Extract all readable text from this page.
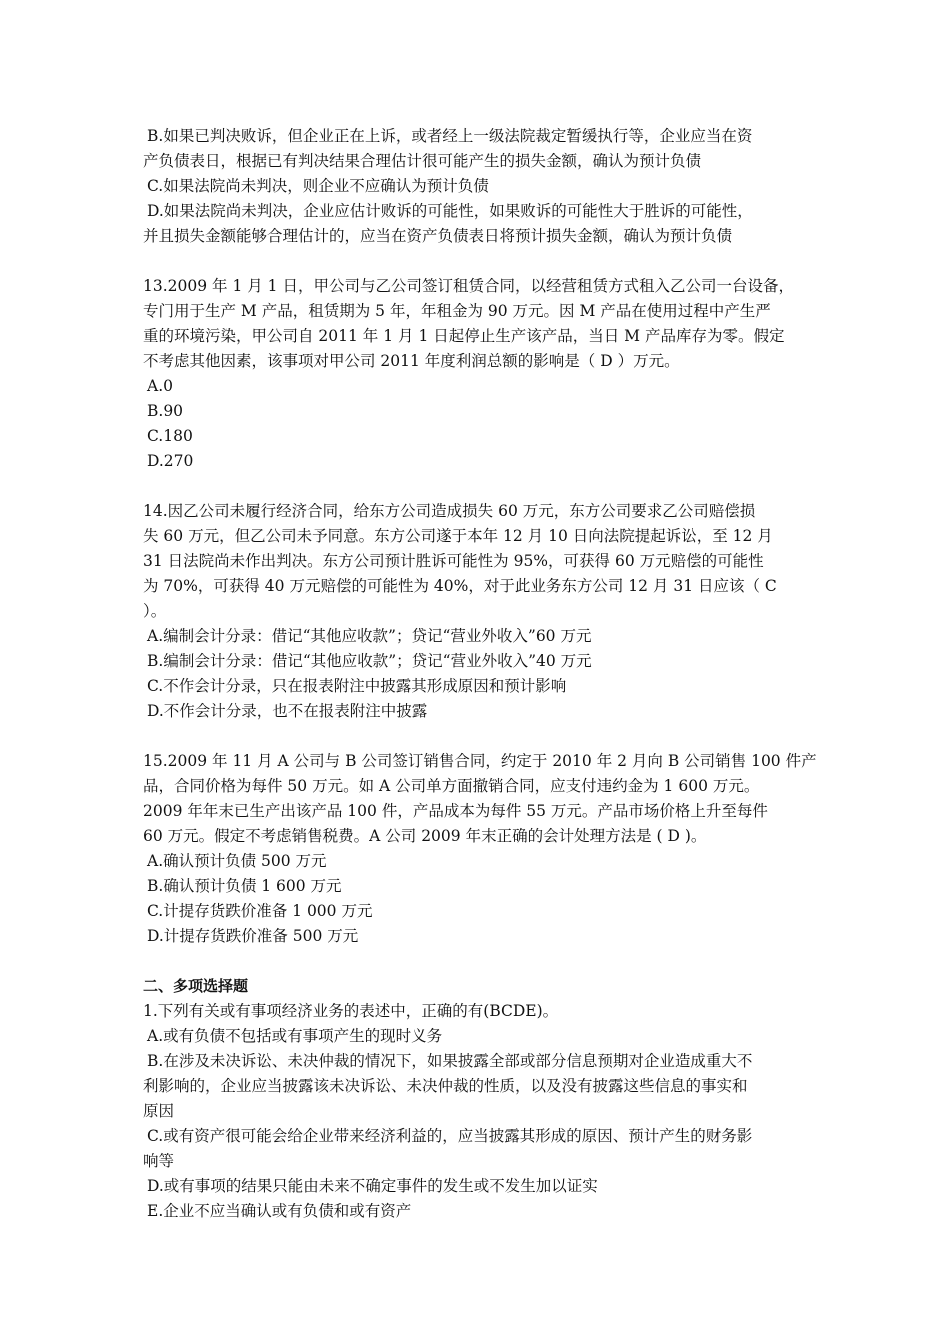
B.如果已判决败诉，但企业正在上诉，或者经上一级法院裁定暂缓执行等，企业应当在资
产负债表日，根据已有判决结果合理估计很可能产生的损失金额，确认为预计负债
C.如果法院尚未判决，则企业不应确认为预计负债
D.如果法院尚未判决，企业应估计败诉的可能性，如果败诉的可能性大于胜诉的可能性，
并且损失金额能够合理估计的，应当在资产负债表日将预计损失金额，确认为预计负债
13.2009 年 1 月 1 日，甲公司与乙公司签订租赁合同，以经营租赁方式租入乙公司一台设备，
专门用于生产 M 产品，租赁期为 5 年，年租金为 90 万元。因 M 产品在使用过程中产生严
重的环境污染，甲公司自 2011 年 1 月 1 日起停止生产该产品，当日 M 产品库存为零。假定
不考虑其他因素，该事项对甲公司 2011 年度利润总额的影响是（ D ）万元。
A.0
B.90
C.180
D.270
14.因乙公司未履行经济合同，给东方公司造成损失 60 万元，东方公司要求乙公司赔偿损
失 60 万元，但乙公司未予同意。东方公司遂于本年 12 月 10 日向法院提起诉讼，至 12 月
31 日法院尚未作出判决。东方公司预计胜诉可能性为 95%，可获得 60 万元赔偿的可能性
为 70%，可获得 40 万元赔偿的可能性为 40%，对于此业务东方公司 12 月 31 日应该（ C
）。
A.编制会计分录：借记“其他应收款”；贷记“营业外收入”60 万元
B.编制会计分录：借记“其他应收款”；贷记“营业外收入”40 万元
C.不作会计分录，只在报表附注中披露其形成原因和预计影响
D.不作会计分录，也不在报表附注中披露
15.2009 年 11 月 A 公司与 B 公司签订销售合同，约定于 2010 年 2 月向 B 公司销售 100 件产
品，合同价格为每件 50 万元。如 A 公司单方面撤销合同，应支付违约金为 1 600 万元。
2009 年年末已生产出该产品 100 件，产品成本为每件 55 万元。产品市场价格上升至每件
60 万元。假定不考虑销售税费。A 公司 2009 年末正确的会计处理方法是 ( D )。
A.确认预计负债 500 万元
B.确认预计负债 1 600 万元
C.计提存货跌价准备 1 000 万元
D.计提存货跌价准备 500 万元
二、多项选择题
1.下列有关或有事项经济业务的表述中，正确的有(BCDE)。
A.或有负债不包括或有事项产生的现时义务
B.在涉及未决诉讼、未决仲裁的情况下，如果披露全部或部分信息预期对企业造成重大不
利影响的，企业应当披露该未决诉讼、未决仲裁的性质，以及没有披露这些信息的事实和
原因
C.或有资产很可能会给企业带来经济利益的，应当披露其形成的原因、预计产生的财务影
响等
D.或有事项的结果只能由未来不确定事件的发生或不发生加以证实
E.企业不应当确认或有负债和或有资产
